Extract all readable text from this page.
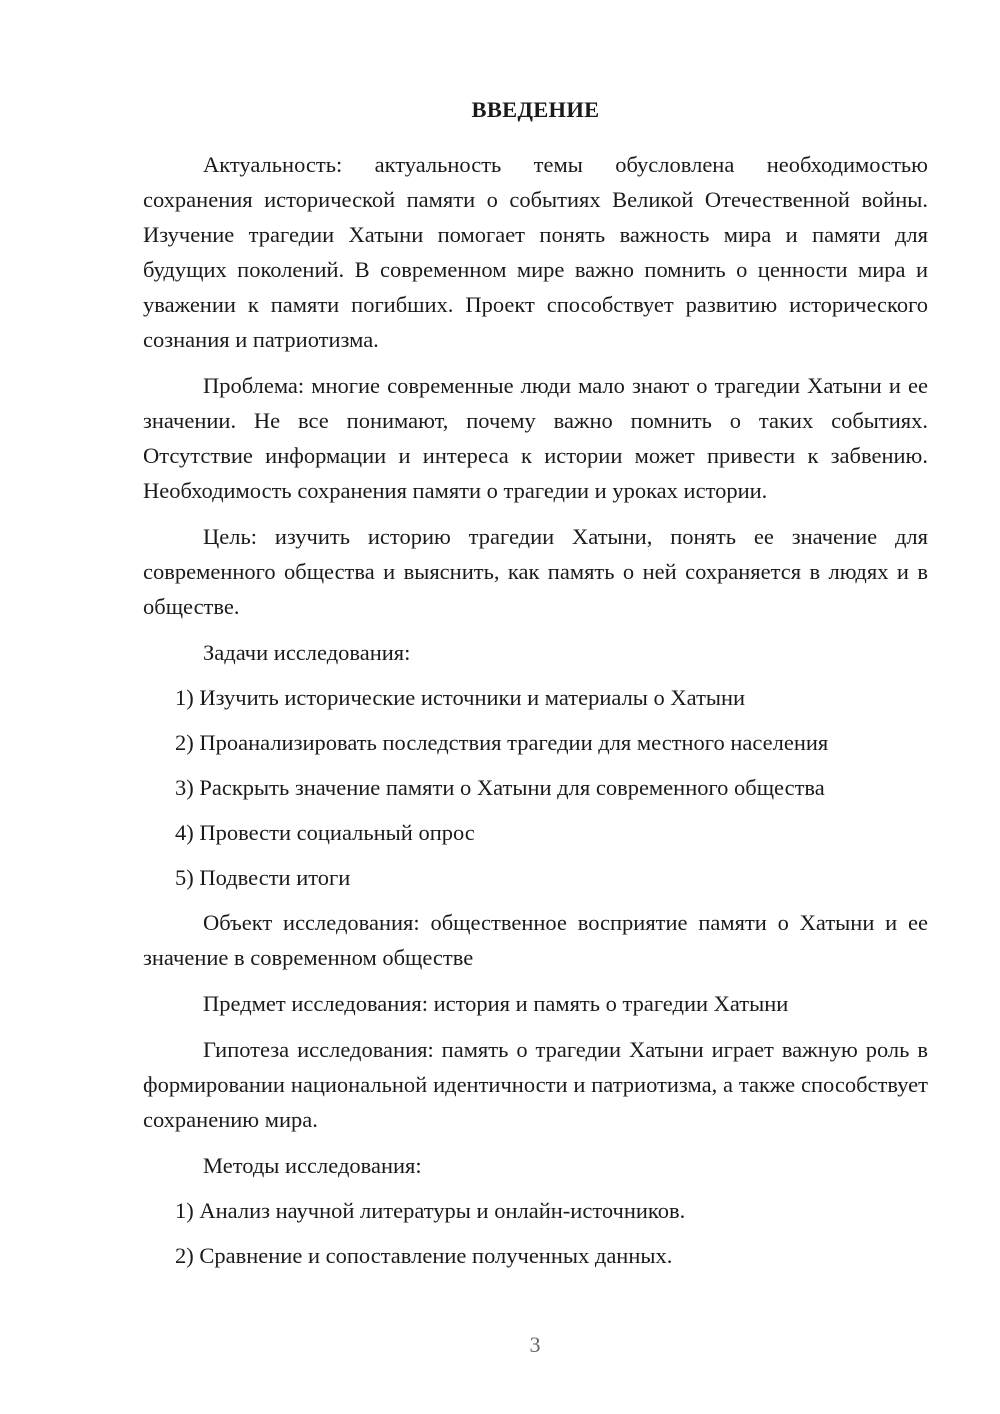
ВВЕДЕНИЕ

Актуальность: актуальность темы обусловлена необходимостью сохранения исторической памяти о событиях Великой Отечественной войны. Изучение трагедии Хатыни помогает понять важность мира и памяти для будущих поколений. В современном мире важно помнить о ценности мира и уважении к памяти погибших. Проект способствует развитию исторического сознания и патриотизма.

Проблема: многие современные люди мало знают о трагедии Хатыни и ее значении. Не все понимают, почему важно помнить о таких событиях. Отсутствие информации и интереса к истории может привести к забвению. Необходимость сохранения памяти о трагедии и уроках истории.

Цель: изучить историю трагедии Хатыни, понять ее значение для современного общества и выяснить, как память о ней сохраняется в людях и в обществе.

Задачи исследования:

1) Изучить исторические источники и материалы о Хатыни

2) Проанализировать последствия трагедии для местного населения

3) Раскрыть значение памяти о Хатыни для современного общества

4) Провести социальный опрос

5) Подвести итоги

Объект исследования: общественное восприятие памяти о Хатыни и ее значение в современном обществе

Предмет исследования: история и память о трагедии Хатыни

Гипотеза исследования: память о трагедии Хатыни играет важную роль в формировании национальной идентичности и патриотизма, а также способствует сохранению мира.

Методы исследования:

1) Анализ научной литературы и онлайн-источников.

2) Сравнение и сопоставление полученных данных.

3
